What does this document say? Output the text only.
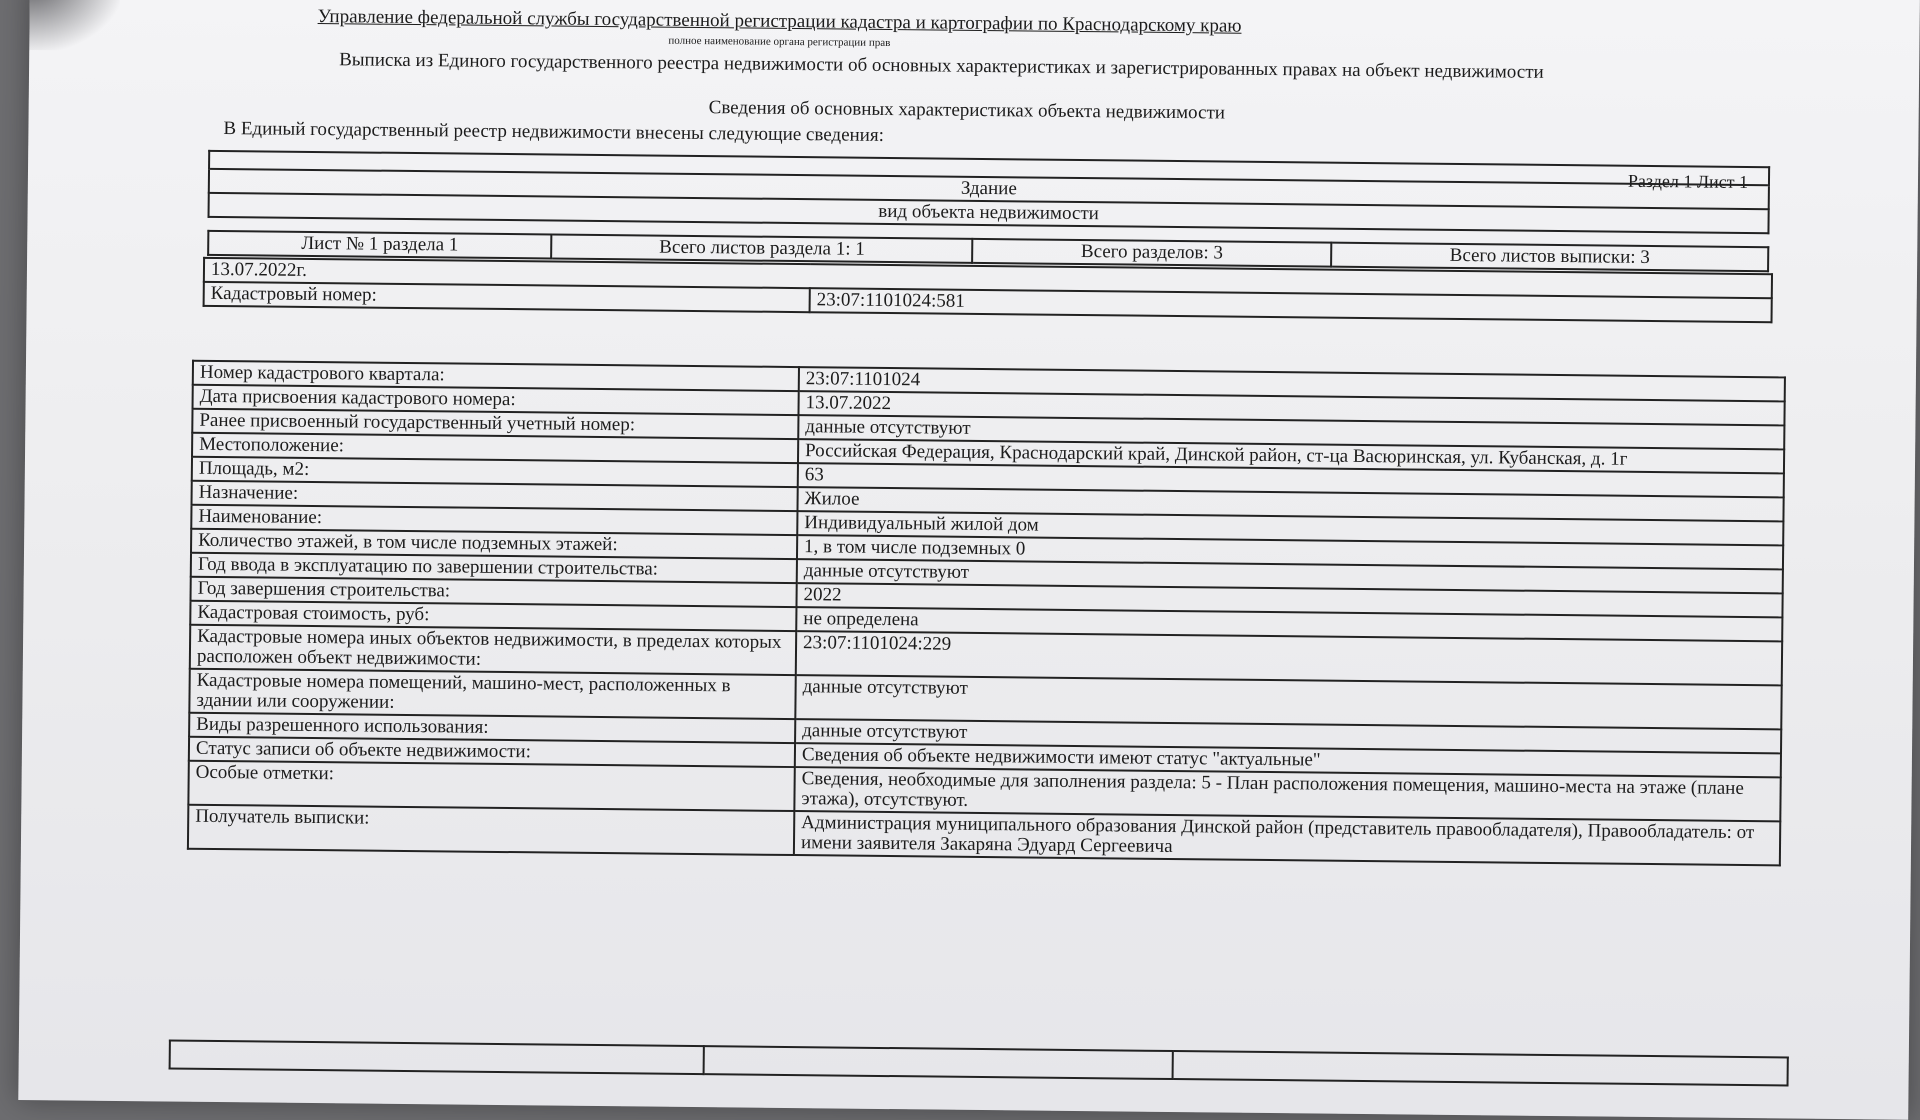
Управление федеральной службы государственной регистрации кадастра и картографии по Краснодарскому краю
полное наименование органа регистрации прав
Выписка из Единого государственного реестра недвижимости об основных характеристиках и зарегистрированных правах на объект недвижимости
Сведения об основных характеристиках объекта недвижимости
В Единый государственный реестр недвижимости внесены следующие сведения:
Раздел 1 Лист 1

Здание
вид объекта недвижимости
Лист № 1 раздела 1	Всего листов раздела 1: 1	Всего разделов: 3	Всего листов выписки: 3
13.07.2022г.
Кадастровый номер:	23:07:1101024:581
Номер кадастрового квартала:	23:07:1101024
Дата присвоения кадастрового номера:	13.07.2022
Ранее присвоенный государственный учетный номер:	данные отсутствуют
Местоположение:	Российская Федерация, Краснодарский край, Динской район, ст-ца Васюринская, ул. Кубанская, д. 1г
Площадь, м2:	63
Назначение:	Жилое
Наименование:	Индивидуальный жилой дом
Количество этажей, в том числе подземных этажей:	1, в том числе подземных 0
Год ввода в эксплуатацию по завершении строительства:	данные отсутствуют
Год завершения строительства:	2022
Кадастровая стоимость, руб:	не определена
Кадастровые номера иных объектов недвижимости, в пределах которых расположен объект недвижимости:	23:07:1101024:229
Кадастровые номера помещений, машино-мест, расположенных в здании или сооружении:	данные отсутствуют
Виды разрешенного использования:	данные отсутствуют
Статус записи об объекте недвижимости:	Сведения об объекте недвижимости имеют статус "актуальные"
Особые отметки:	Сведения, необходимые для заполнения раздела: 5 - План расположения помещения, машино-места на этаже (плане этажа), отсутствуют.
Получатель выписки:	Администрация муниципального образования Динской район (представитель правообладателя), Правообладатель: от имени заявителя Закаряна Эдуард Сергеевича
